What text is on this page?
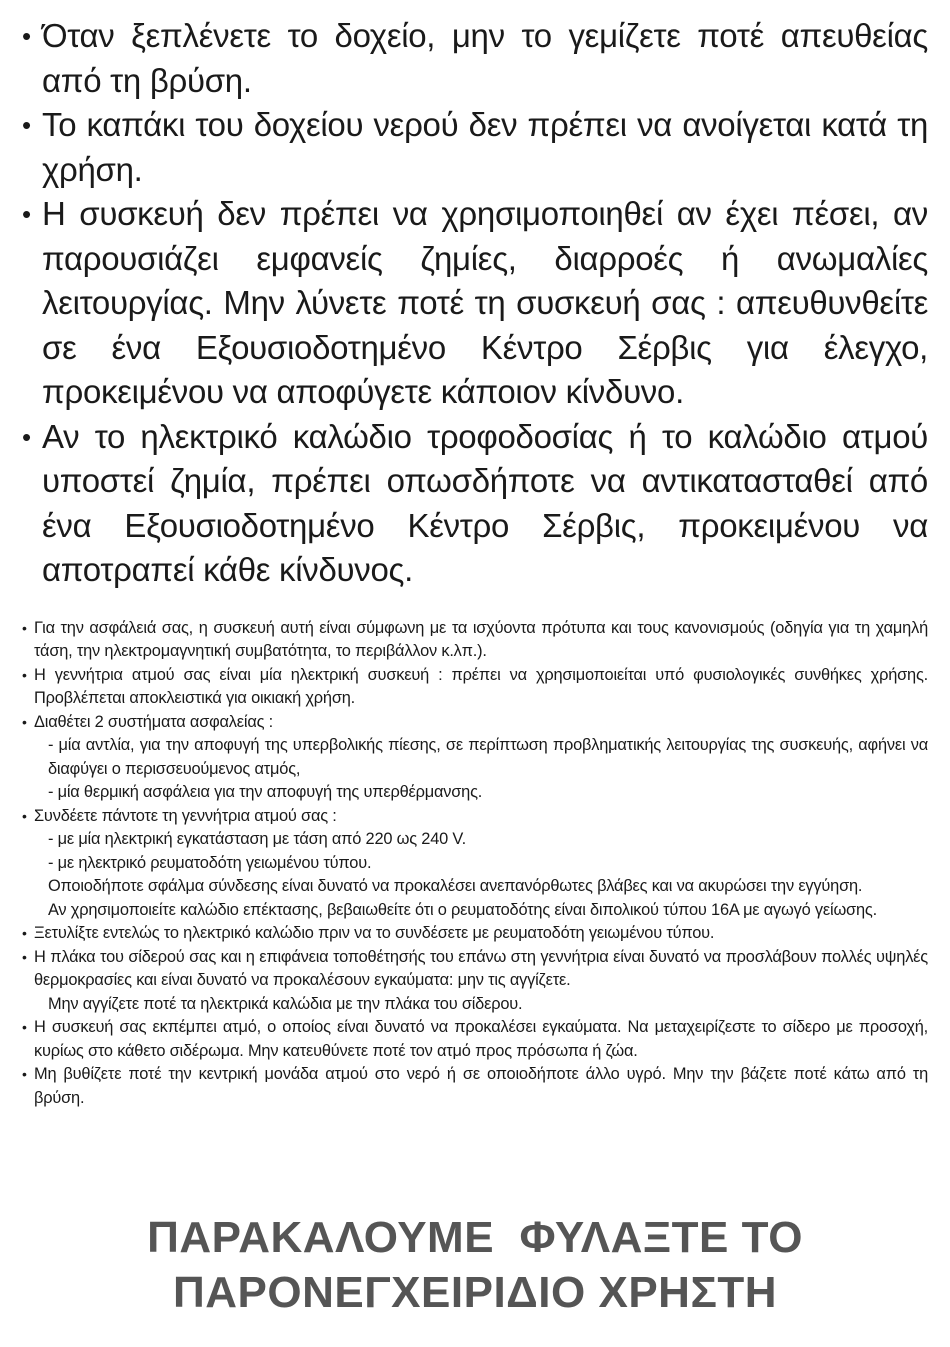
• Όταν ξεπλένετε το δοχείο, μην το γεμίζετε ποτέ απευθείας από τη βρύση.
• Το καπάκι του δοχείου νερού δεν πρέπει να ανοίγεται κατά τη χρήση.
• Η συσκευή δεν πρέπει να χρησιμοποιηθεί αν έχει πέσει, αν παρουσιάζει εμφανείς ζημίες, διαρροές ή ανωμαλίες λειτουργίας. Μην λύνετε ποτέ τη συσκευή σας : απευθυνθείτε σε ένα Εξουσιοδοτημένο Κέντρο Σέρβις για έλεγχο, προκειμένου να αποφύγετε κάποιον κίνδυνο.
• Αν το ηλεκτρικό καλώδιο τροφοδοσίας ή το καλώδιο ατμού υποστεί ζημία, πρέπει οπωσδήποτε να αντικατασταθεί από ένα Εξουσιοδοτημένο Κέντρο Σέρβις, προκειμένου να αποτραπεί κάθε κίνδυνος.
• Για την ασφάλειά σας, η συσκευή αυτή είναι σύμφωνη με τα ισχύοντα πρότυπα και τους κανονισμούς (οδηγία για τη χαμηλή τάση, την ηλεκτρομαγνητική συμβατότητα, το περιβάλλον κ.λπ.).
• Η γεννήτρια ατμού σας είναι μία ηλεκτρική συσκευή : πρέπει να χρησιμοποιείται υπό φυσιολογικές συνθήκες χρήσης. Προβλέπεται αποκλειστικά για οικιακή χρήση.
• Διαθέτει 2 συστήματα ασφαλείας :
- μία αντλία, για την αποφυγή της υπερβολικής πίεσης, σε περίπτωση προβληματικής λειτουργίας της συσκευής, αφήνει να διαφύγει ο περισσευούμενος ατμός,
- μία θερμική ασφάλεια για την αποφυγή της υπερθέρμανσης.
• Συνδέετε πάντοτε τη γεννήτρια ατμού σας :
- με μία ηλεκτρική εγκατάσταση με τάση από 220 ως 240 V.
- με ηλεκτρικό ρευματοδότη γειωμένου τύπου.
Οποιοδήποτε σφάλμα σύνδεσης είναι δυνατό να προκαλέσει ανεπανόρθωτες βλάβες και να ακυρώσει την εγγύηση.
Αν χρησιμοποιείτε καλώδιο επέκτασης, βεβαιωθείτε ότι ο ρευματοδότης είναι διπολικού τύπου 16A με αγωγό γείωσης.
• Ξετυλίξτε εντελώς το ηλεκτρικό καλώδιο πριν να το συνδέσετε με ρευματοδότη γειωμένου τύπου.
• Η πλάκα του σίδερού σας και η επιφάνεια τοποθέτησής του επάνω στη γεννήτρια είναι δυνατό να προσλάβουν πολλές υψηλές θερμοκρασίες και είναι δυνατό να προκαλέσουν εγκαύματα: μην τις αγγίζετε.
Μην αγγίζετε ποτέ τα ηλεκτρικά καλώδια με την πλάκα του σίδερου.
• Η συσκευή σας εκπέμπει ατμό, ο οποίος είναι δυνατό να προκαλέσει εγκαύματα. Να μεταχειρίζεστε το σίδερο με προσοχή, κυρίως στο κάθετο σιδέρωμα. Μην κατευθύνετε ποτέ τον ατμό προς πρόσωπα ή ζώα.
• Μη βυθίζετε ποτέ την κεντρική μονάδα ατμού στο νερό ή σε οποιοδήποτε άλλο υγρό. Μην την βάζετε ποτέ κάτω από τη βρύση.
ΠΑΡΑΚΑΛΟΥΜΕ  ΦΥΛΑΞΤΕ ΤΟ
ΠΑΡΟΝΕΓΧΕΙΡΙΔΙΟ ΧΡΗΣΤΗ
